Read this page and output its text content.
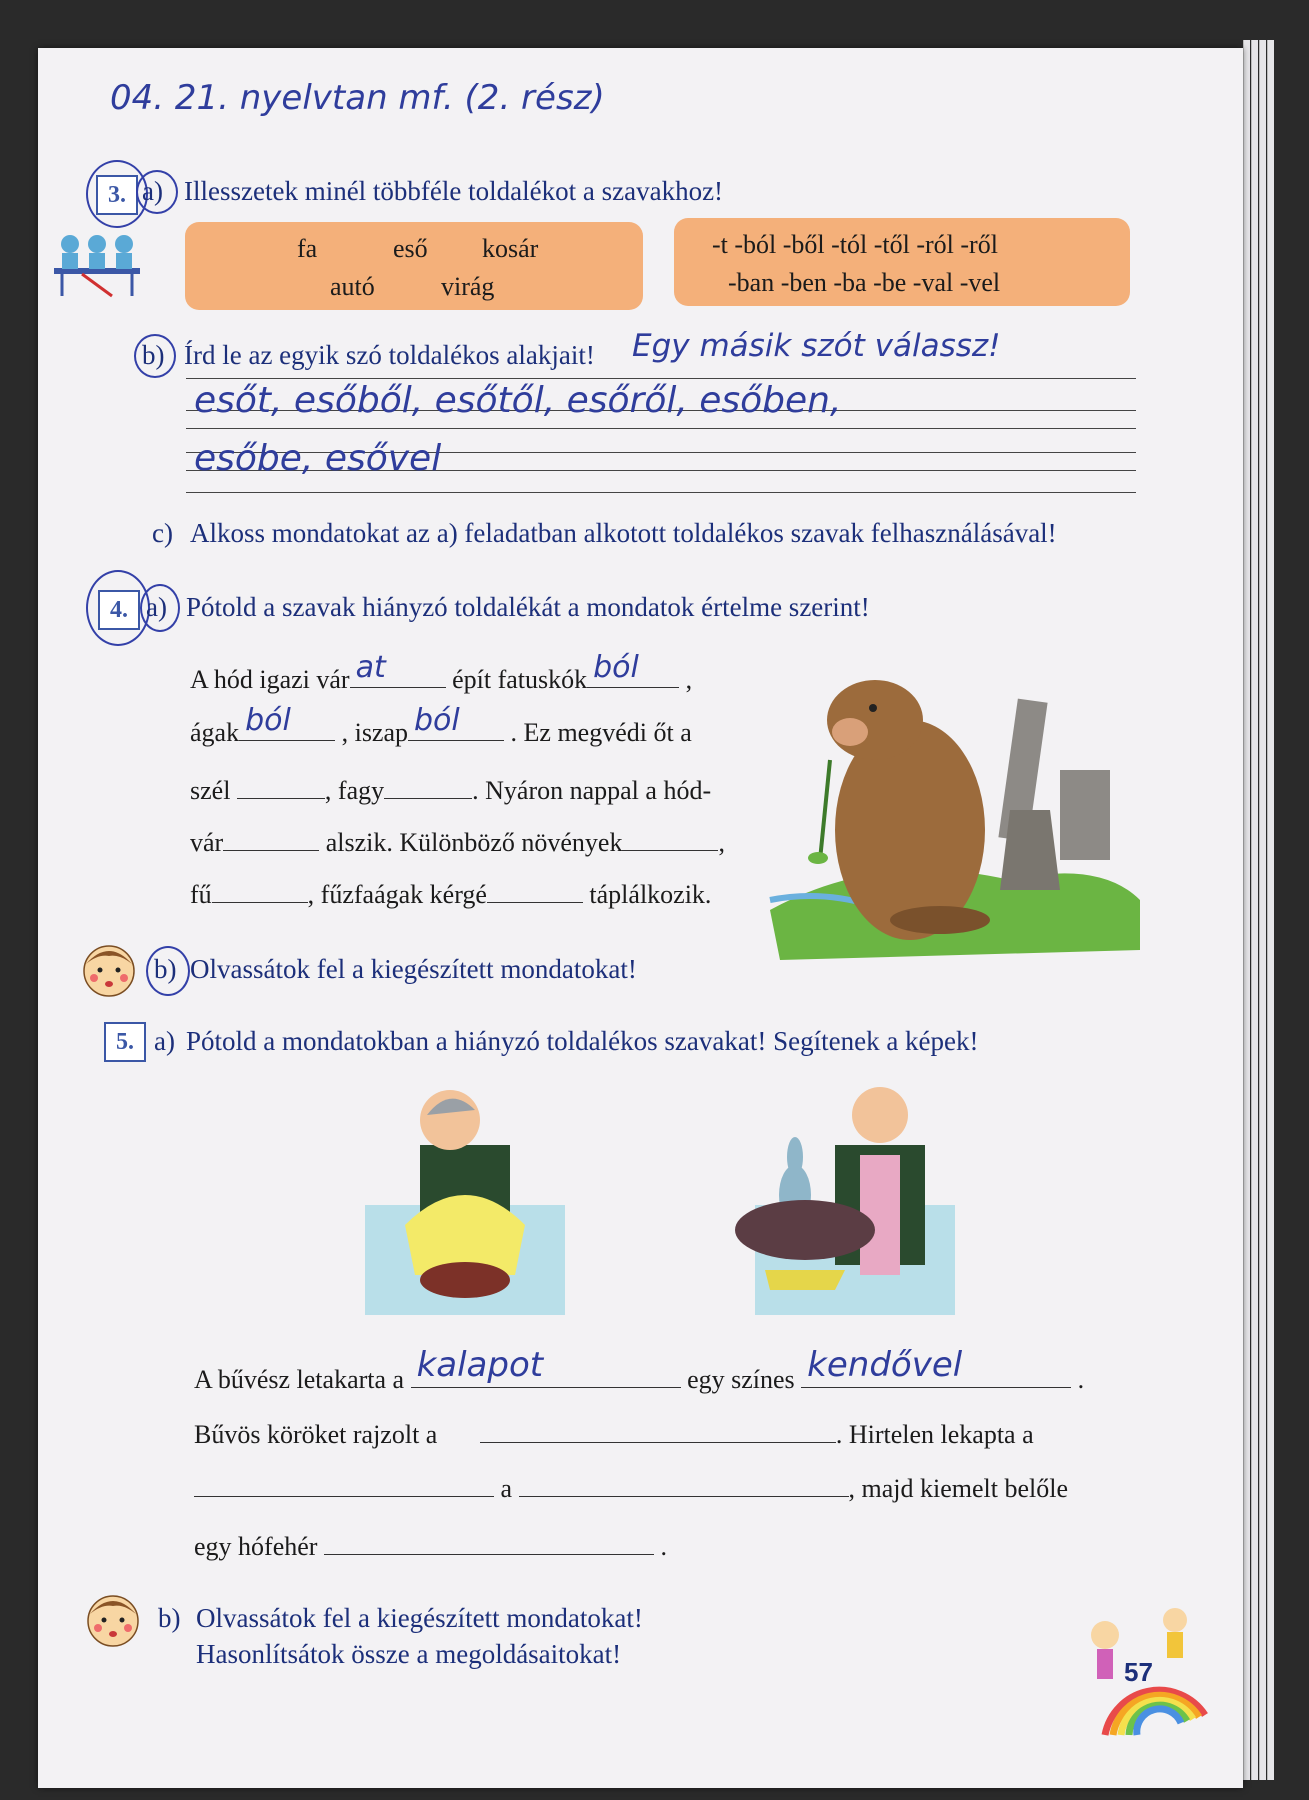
04. 21. nyelvtan mf. (2. rész)
3. a) Illesszetek minél többféle toldalékot a szavakhoz!
fa	eső kosár
autó	virág
-t -ból -ből -tól -től -ról -ről
-ban -ben -ba -be -val -vel
b) Írd le az egyik szó toldalékos alakjait! Egy másik szót válassz!
esőt, esőből, esőtől, esőről, esőben,
esőbe, esővel
c) Alkoss mondatokat az a) feladatban alkotott toldalékos szavak felhasználásával!
4. a) Pótold a szavak hiányzó toldalékát a mondatok értelme szerint!
A hód igazi vár at	épít fatuskók ból ,
ágak ból , iszap ból . Ez megvédi őt a
szél	, fagy	. Nyáron nappal a hód-
vár	alszik. Különböző növények	,
fű	, fűzfaágak kérgé	táplálkozik.
b) Olvassátok fel a kiegészített mondatokat!
5. a) Pótold a mondatokban a hiányzó toldalékos szavakat! Segítenek a képek!
A bűvész letakarta a kalapot	egy színes kendővel	.
Bűvös köröket rajzolt a	. Hirtelen lekapta a
a	, majd kiemelt belőle
egy hófehér	.
b) Olvassátok fel a kiegészített mondatokat!
Hasonlítsátok össze a megoldásaitokat!
57
